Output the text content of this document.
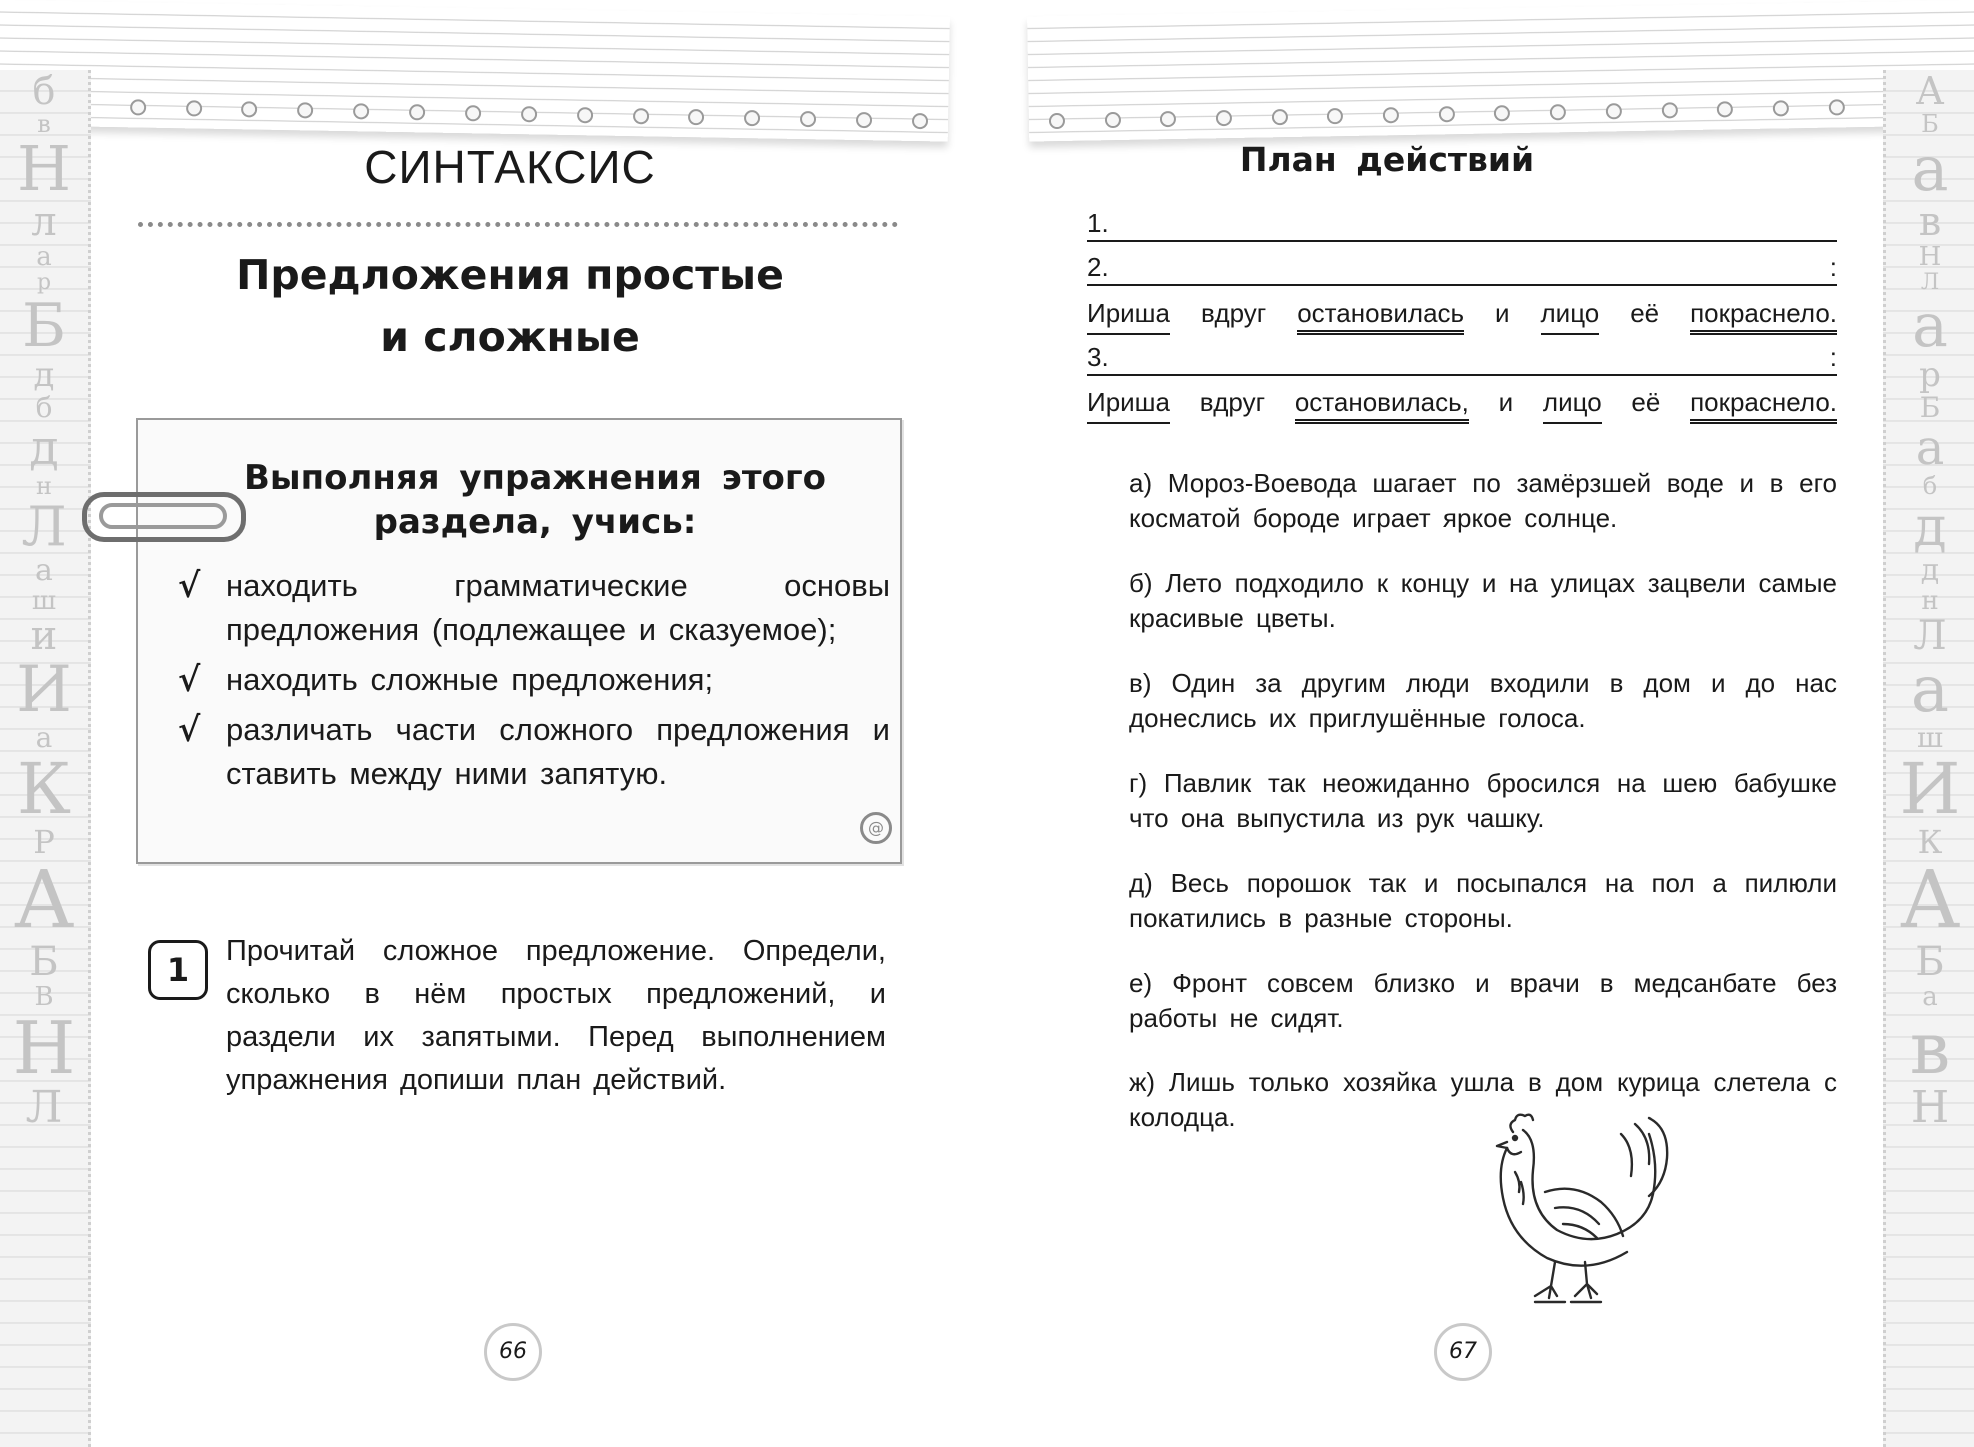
б
в
Н
л
а
р
Б
д
б
д
н
Л
а
ш
и
И
а
К
Р
А
Б
В
Н
Л
СИНТАКСИС
Предложения простые
и сложные
@
Выполняя упражнения этого раздела, учись:
√ находить грамматические основы предложения (подлежащее и сказуемое);
√ находить сложные предложения;
√ различать части сложного предложения и ставить между ними запятую.
1	Прочитай сложное предложение. Определи, сколько в нём простых предложений, и раздели их запятыми. Перед выполнением упражнения допиши план действий.
66
А
Б
а
в
Н
Л
а
р
Б
а
б
д
д
н
Л
а
ш
И
К
А
Б
а
в
Н
План действий
1.
2.	:
Ириша вдруг остановилась и лицо её покраснело.
3.	:
Ириша вдруг остановилась, и лицо её покраснело.
а) Мороз-Воевода шагает по замёрзшей воде и в его косматой бороде играет яркое солнце.
б) Лето подходило к концу и на улицах зацвели самые красивые цветы.
в) Один за другим люди входили в дом и до нас донеслись их приглушённые голоса.
г) Павлик так неожиданно бросился на шею бабушке что она выпустила из рук чашку.
д) Весь порошок так и посыпался на пол а пилюли покатились в разные стороны.
е) Фронт совсем близко и врачи в медсанбате без работы не сидят.
ж) Лишь только хозяйка ушла в дом курица слетела с колодца.
67
